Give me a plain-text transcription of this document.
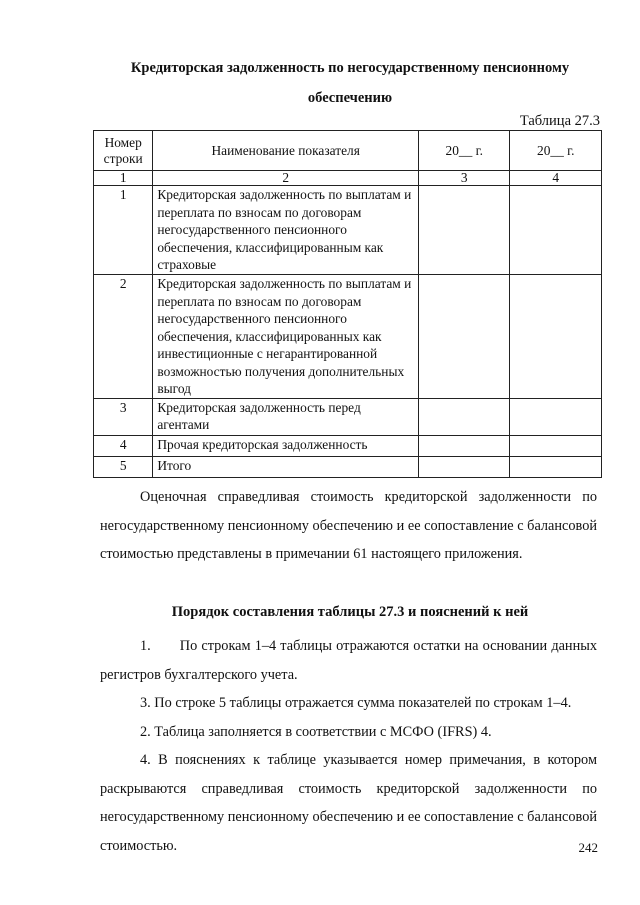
Кредиторская задолженность по негосударственному пенсионному
обеспечению
Таблица 27.3
Номер строки	Наименование показателя	20__ г.	20__ г.
1	2	3	4
1	Кредиторская задолженность по выплатам и переплата по взносам по договорам негосударственного пенсионного обеспечения, классифицированным как страховые		
2	Кредиторская задолженность по выплатам и переплата по взносам по договорам негосударственного пенсионного обеспечения, классифицированных как инвестиционные с негарантированной возможностью получения дополнительных выгод		
3	Кредиторская задолженность перед агентами		
4	Прочая кредиторская задолженность		
5	Итого		
Оценочная справедливая стоимость кредиторской задолженности по негосударственному пенсионному обеспечению и ее сопоставление с балансовой стоимостью представлены в примечании 61 настоящего приложения.
Порядок составления таблицы 27.3 и пояснений к ней
1.       По строкам 1–4 таблицы отражаются остатки на основании данных регистров бухгалтерского учета.
3. По строке 5 таблицы отражается сумма показателей по строкам 1–4.
2. Таблица заполняется в соответствии с МСФО (IFRS) 4.
4. В пояснениях к таблице указывается номер примечания, в котором раскрываются справедливая стоимость кредиторской задолженности по негосударственному пенсионному обеспечению и ее сопоставление с балансовой стоимостью.	242
